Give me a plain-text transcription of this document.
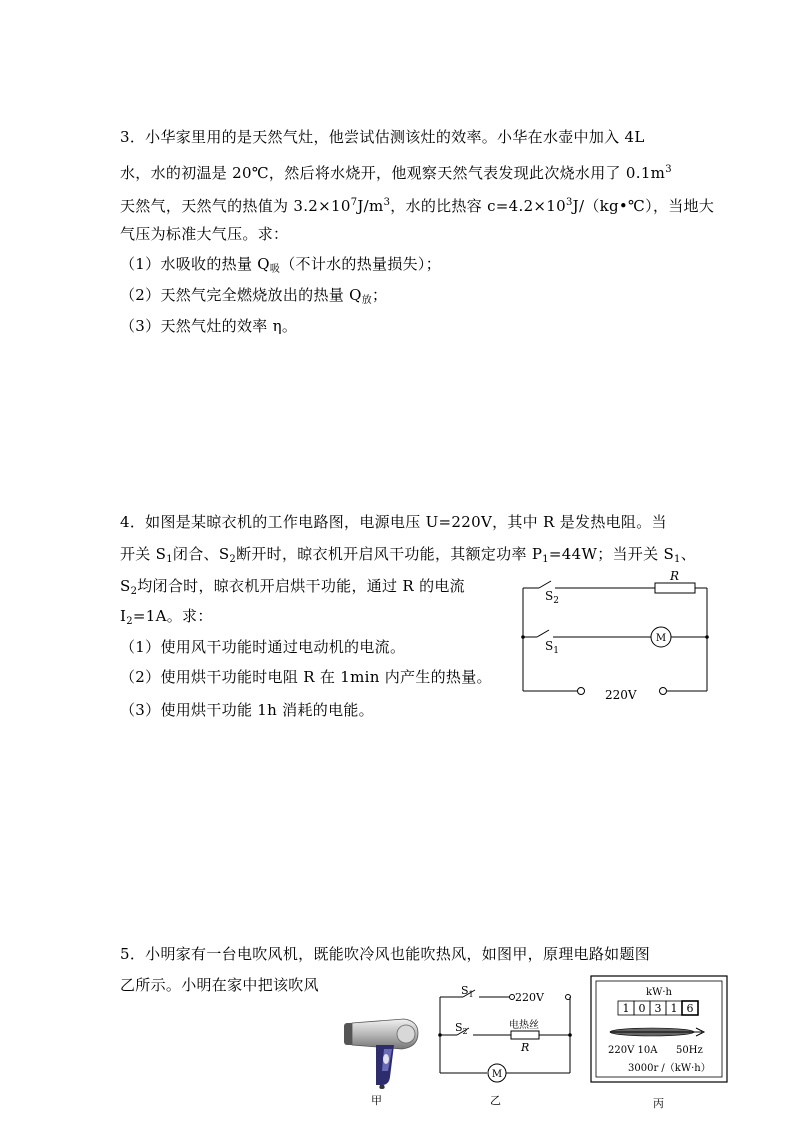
3．小华家里用的是天然气灶，他尝试估测该灶的效率。小华在水壶中加入 4L
水，水的初温是 20℃，然后将水烧开，他观察天然气表发现此次烧水用了 $0.1m^3$
天然气，天然气的热值为 $3.2\times 10^7J/m^3$，水的比热容 $c=4.2\times 10^3J/(kg•℃)$，当地大
气压为标准大气压。求：
（1）水吸收的热量 $Q_吸$（不计水的热量损失）；
（2）天然气完全燃烧放出的热量 $Q_放$；
（3）天然气灶的效率 η。
4．如图是某晾衣机的工作电路图，电源电压 U=220V，其中 R 是发热电阻。当
开关 $S_1$闭合、$S_2$断开时，晾衣机开启风干功能，其额定功率 $P_1=44W$；当开关 $S_1$、
$S_2$均闭合时，晾衣机开启烘干功能，通过 R 的电流
$I_2=1A$。求：
（1）使用风干功能时通过电动机的电流。
（2）使用烘干功能时电阻 R 在 1min 内产生的热量。
（3）使用烘干功能 1h 消耗的电能。
R
$S_2$
$S_1$
M
220V
5．小明家有一台电吹风机，既能吹冷风也能吹热风，如图甲，原理电路如题图
乙所示。小明在家中把该吹风
甲
$S_1$	220V
$S_2$
电热丝
R
M
乙
kW·h
1 0 3 1 6
220V 10A 50Hz
3000r /（kW·h）
丙
